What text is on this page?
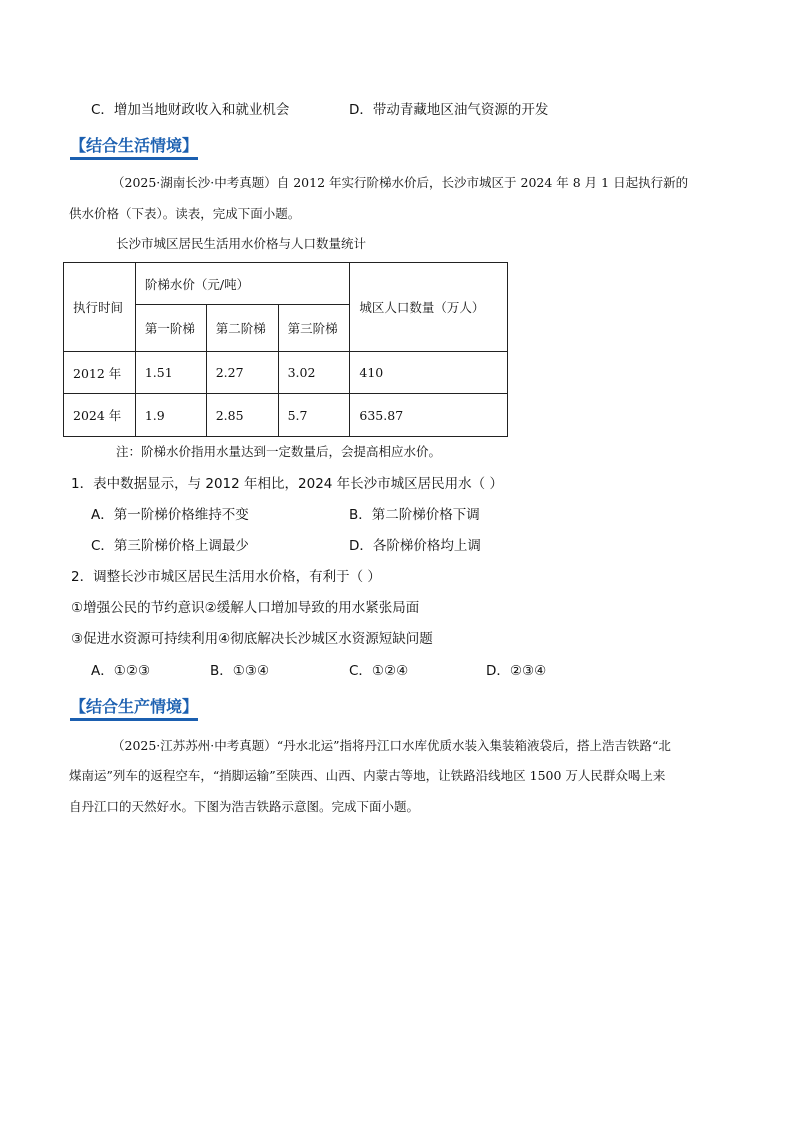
C．增加当地财政收入和就业机会	D．带动青藏地区油气资源的开发
【结合生活情境】
（2025·湖南长沙·中考真题）自 2012 年实行阶梯水价后，长沙市城区于 2024 年 8 月 1 日起执行新的
供水价格（下表）。读表，完成下面小题。
长沙市城区居民生活用水价格与人口数量统计
执行时间	阶梯水价（元/吨）			城区人口数量（万人）
	第一阶梯	第二阶梯	第三阶梯	
2012 年	1.51	2.27	3.02	410
2024 年	1.9	2.85	5.7	635.87
注：阶梯水价指用水量达到一定数量后，会提高相应水价。
1．表中数据显示，与 2012 年相比，2024 年长沙市城区居民用水（ ）
A．第一阶梯价格维持不变	B．第二阶梯价格下调
C．第三阶梯价格上调最少	D．各阶梯价格均上调
2．调整长沙市城区居民生活用水价格，有利于（ ）
①增强公民的节约意识②缓解人口增加导致的用水紧张局面
③促进水资源可持续利用④彻底解决长沙城区水资源短缺问题
A．①②③	B．①③④	C．①②④	D．②③④
【结合生产情境】
（2025·江苏苏州·中考真题）“丹水北运”指将丹江口水库优质水装入集装箱液袋后，搭上浩吉铁路“北
煤南运”列车的返程空车，“捎脚运输”至陕西、山西、内蒙古等地，让铁路沿线地区 1500 万人民群众喝上来
自丹江口的天然好水。下图为浩吉铁路示意图。完成下面小题。
